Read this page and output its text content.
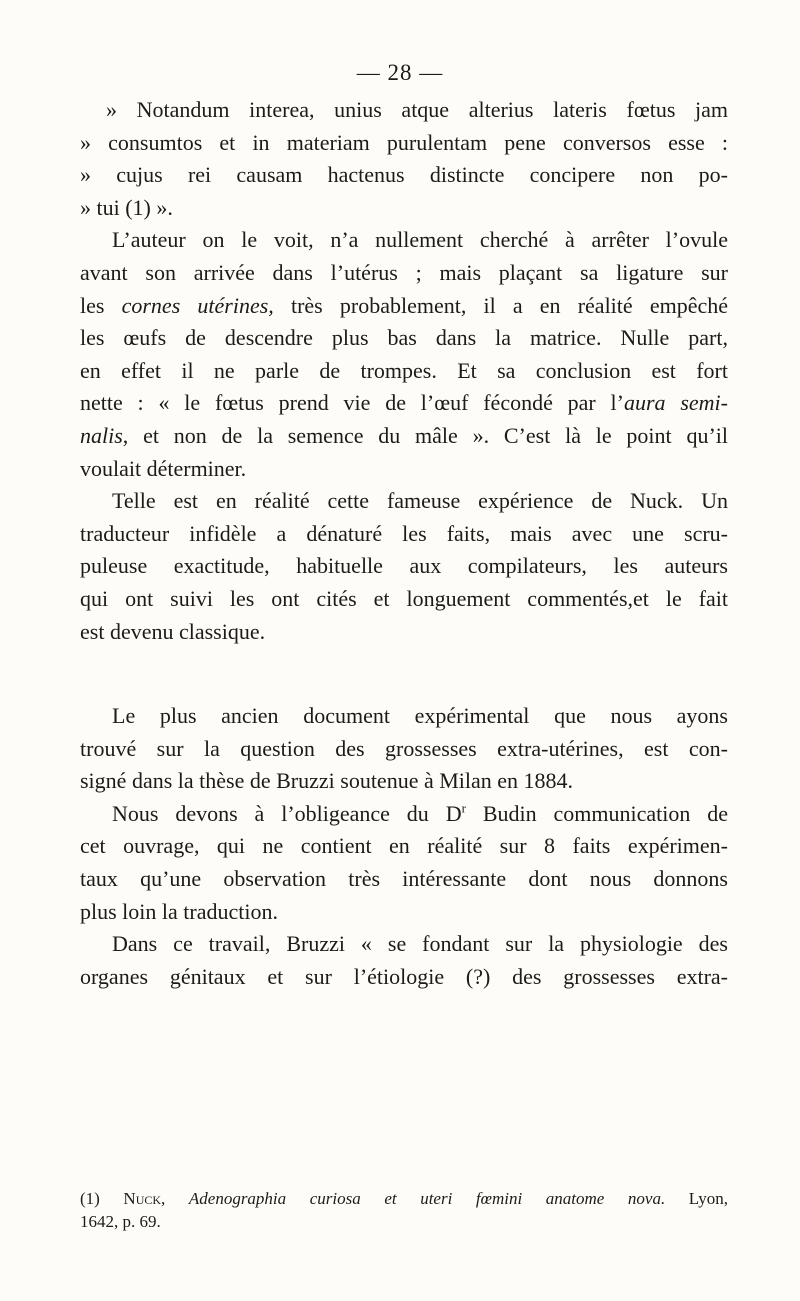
— 28 —
» Notandum interea, unius atque alterius lateris fœtus jam
» consumtos et in materiam purulentam pene conversos esse :
» cujus rei causam hactenus distincte concipere non po-
» tui (1) ».
L’auteur on le voit, n’a nullement cherché à arrêter l’ovule
avant son arrivée dans l’utérus ; mais plaçant sa ligature sur
les cornes utérines, très probablement, il a en réalité empêché
les œufs de descendre plus bas dans la matrice. Nulle part,
en effet il ne parle de trompes. Et sa conclusion est fort
nette : « le fœtus prend vie de l’œuf fécondé par l’aura semi-
nalis, et non de la semence du mâle ». C’est là le point qu’il
voulait déterminer.
Telle est en réalité cette fameuse expérience de Nuck. Un
traducteur infidèle a dénaturé les faits, mais avec une scru-
puleuse exactitude, habituelle aux compilateurs, les auteurs
qui ont suivi les ont cités et longuement commentés,et le fait
est devenu classique.
Le plus ancien document expérimental que nous ayons
trouvé sur la question des grossesses extra-utérines, est con-
signé dans la thèse de Bruzzi soutenue à Milan en 1884.
Nous devons à l’obligeance du $D^r$ Budin communication de
cet ouvrage, qui ne contient en réalité sur 8 faits expérimen-
taux qu’une observation très intéressante dont nous donnons
plus loin la traduction.
Dans ce travail, Bruzzi « se fondant sur la physiologie des
organes génitaux et sur l’étiologie (?) des grossesses extra-
(1) Nuck, Adenographia curiosa et uteri fœmini anatome nova. Lyon,
1642, p. 69.
